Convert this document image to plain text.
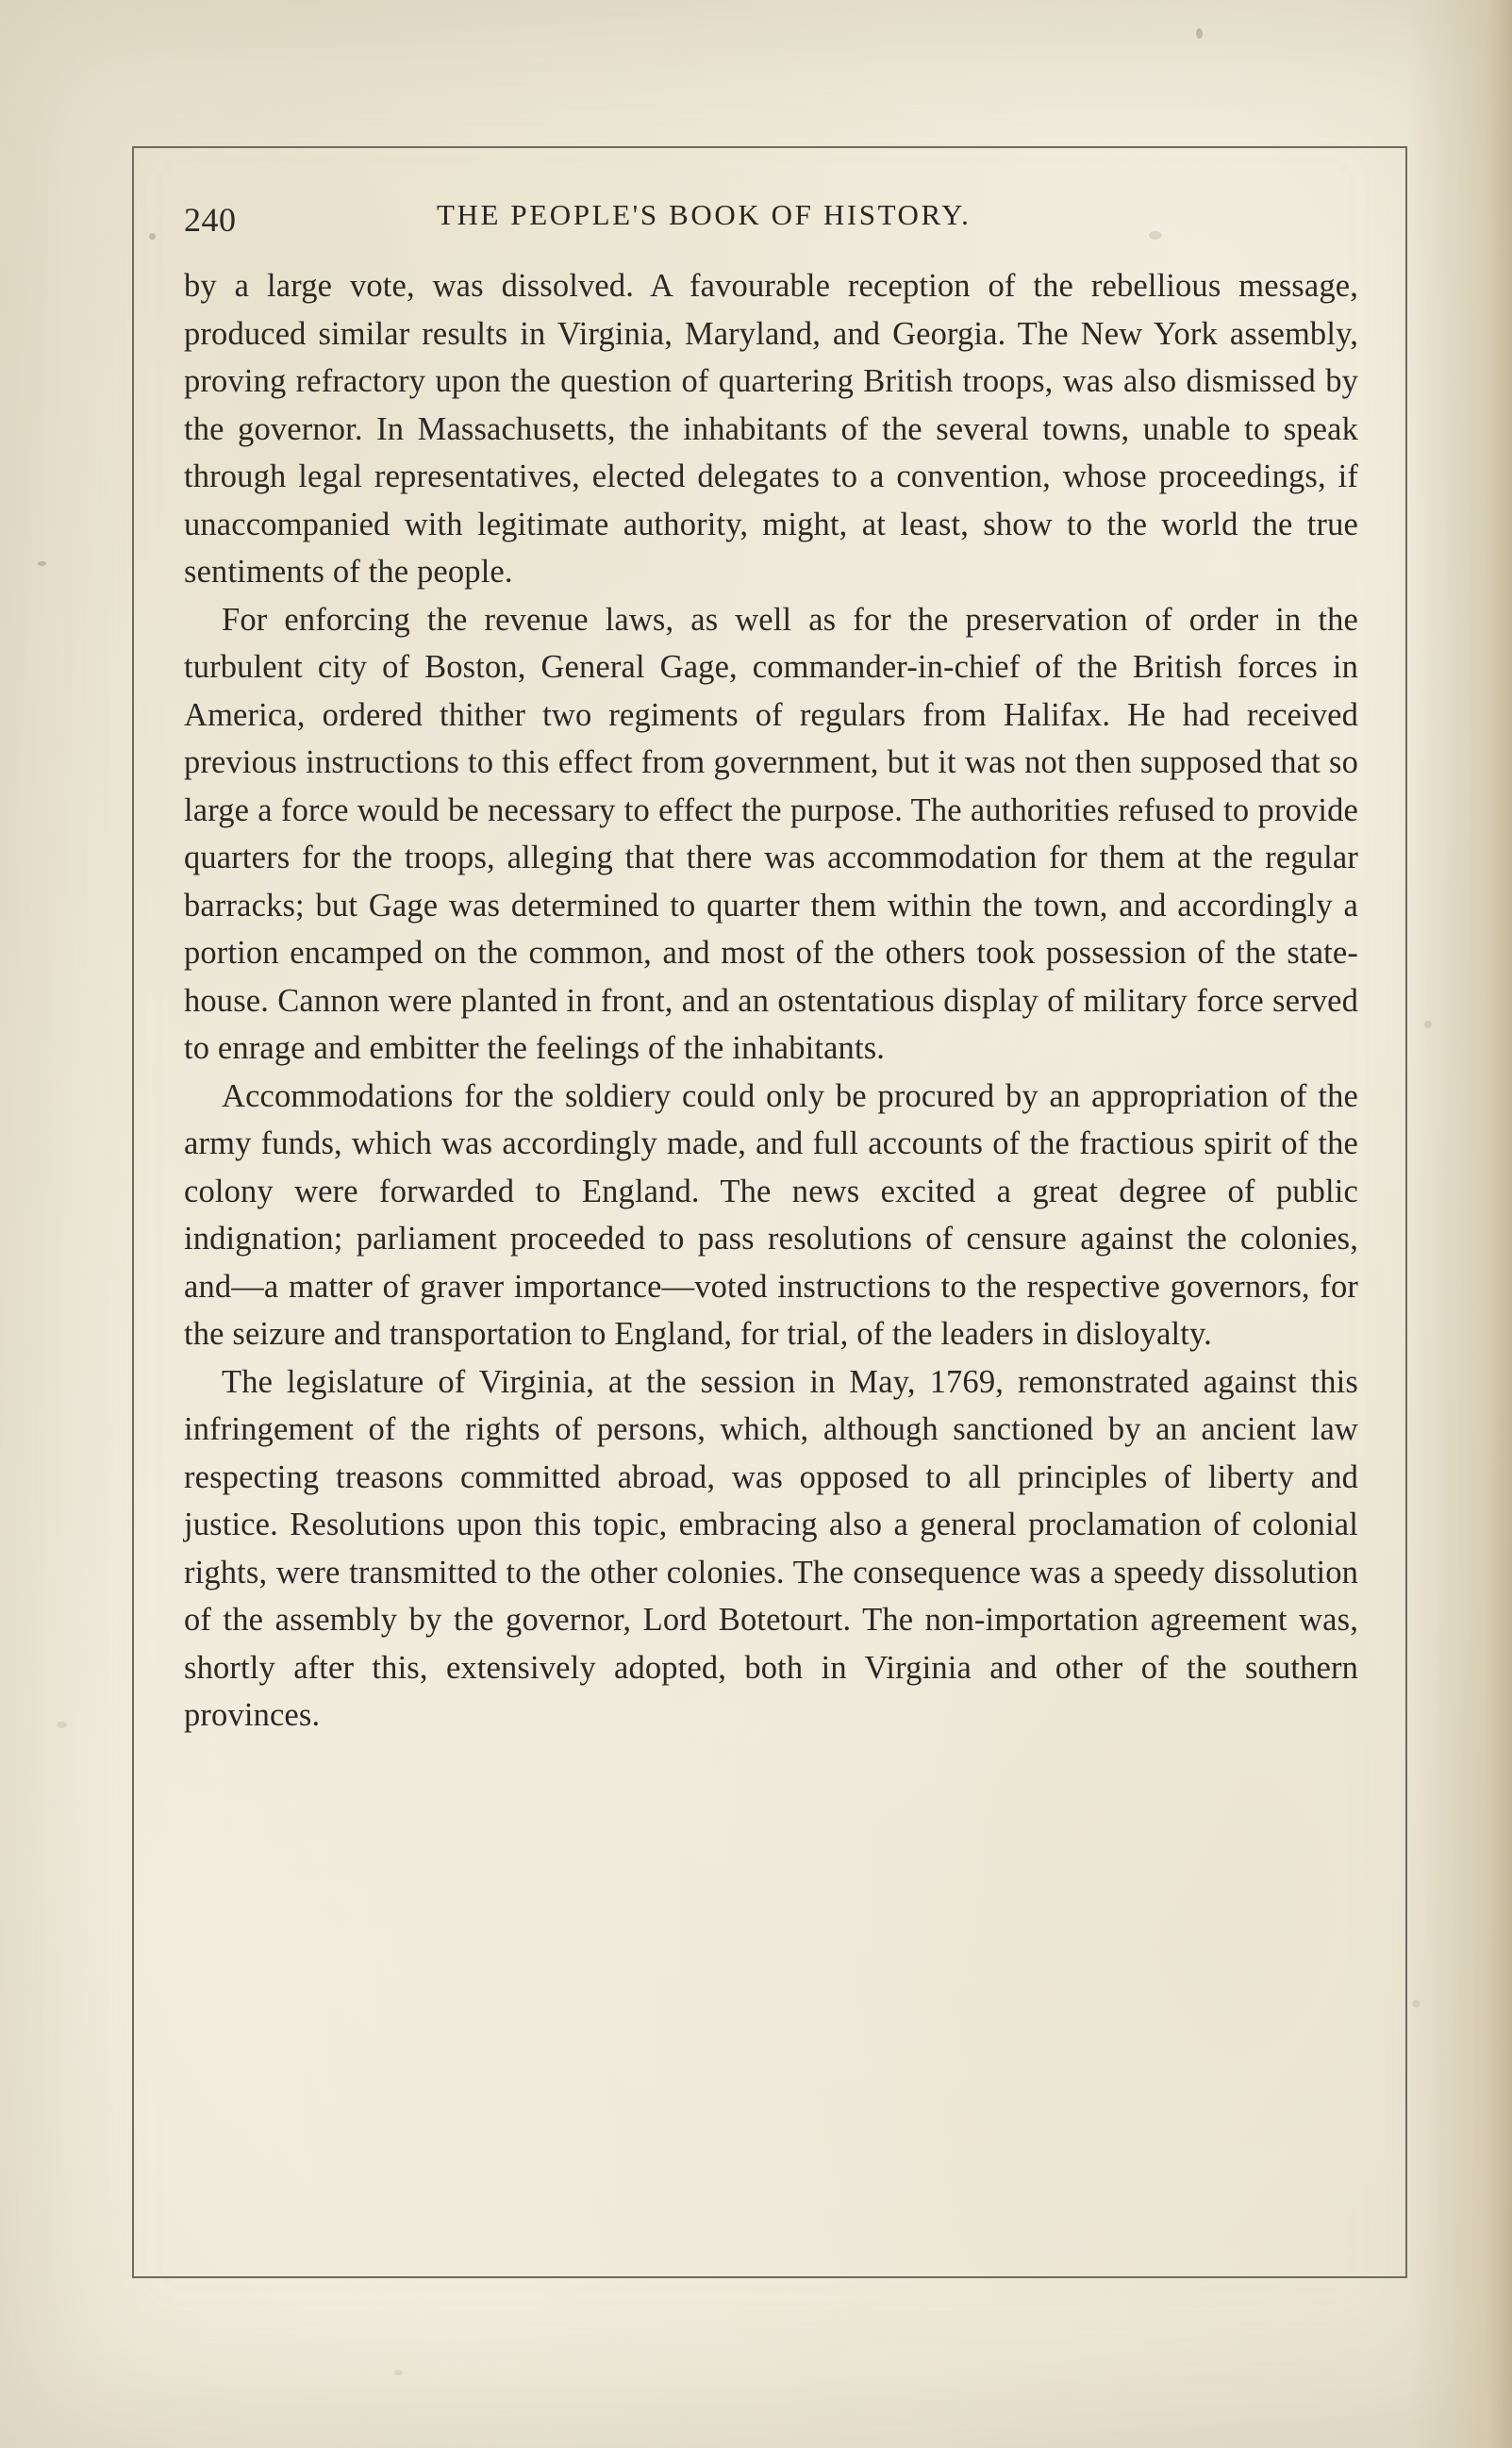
240	THE PEOPLE'S BOOK OF HISTORY.

by a large vote, was dissolved. A favourable reception of the rebellious message, produced similar results in Virginia, Maryland, and Georgia. The New York assembly, proving refractory upon the question of quartering British troops, was also dismissed by the governor. In Massachusetts, the inhabitants of the several towns, unable to speak through legal representatives, elected delegates to a convention, whose proceedings, if unaccompanied with legitimate authority, might, at least, show to the world the true sentiments of the people.

For enforcing the revenue laws, as well as for the preservation of order in the turbulent city of Boston, General Gage, commander-in-chief of the British forces in America, ordered thither two regiments of regulars from Halifax. He had received previous instructions to this effect from government, but it was not then supposed that so large a force would be necessary to effect the purpose. The authorities refused to provide quarters for the troops, alleging that there was accommodation for them at the regular barracks; but Gage was determined to quarter them within the town, and accordingly a portion encamped on the common, and most of the others took possession of the state-house. Cannon were planted in front, and an ostentatious display of military force served to enrage and embitter the feelings of the inhabitants.

Accommodations for the soldiery could only be procured by an appropriation of the army funds, which was accordingly made, and full accounts of the fractious spirit of the colony were forwarded to England. The news excited a great degree of public indignation; parliament proceeded to pass resolutions of censure against the colonies, and—a matter of graver importance—voted instructions to the respective governors, for the seizure and transportation to England, for trial, of the leaders in disloyalty.

The legislature of Virginia, at the session in May, 1769, remonstrated against this infringement of the rights of persons, which, although sanctioned by an ancient law respecting treasons committed abroad, was opposed to all principles of liberty and justice. Resolutions upon this topic, embracing also a general proclamation of colonial rights, were transmitted to the other colonies. The consequence was a speedy dissolution of the assembly by the governor, Lord Botetourt. The non-importation agreement was, shortly after this, extensively adopted, both in Virginia and other of the southern provinces.
